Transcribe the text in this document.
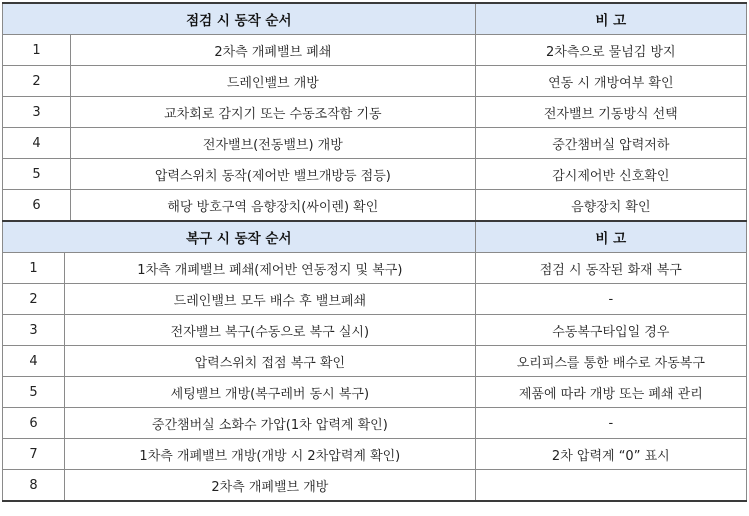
점검 시 동작 순서		비 고
1	2차측 개폐밸브 폐쇄	2차측으로 물넘김 방지
2	드레인밸브 개방	연동 시 개방여부 확인
3	교차회로 감지기 또는 수동조작함 기동	전자밸브 기동방식 선택
4	전자밸브(전동밸브) 개방	중간챔버실 압력저하
5	압력스위치 동작(제어반 밸브개방등 점등)	감시제어반 신호확인
6	해당 방호구역 음향장치(싸이렌) 확인	음향장치 확인
복구 시 동작 순서		비 고
1	1차측 개폐밸브 폐쇄(제어반 연동정지 및 복구)	점검 시 동작된 화재 복구
2	드레인밸브 모두 배수 후 밸브폐쇄	-
3	전자밸브 복구(수동으로 복구 실시)	수동복구타입일 경우
4	압력스위치 접점 복구 확인	오리피스를 통한 배수로 자동복구
5	세팅밸브 개방(복구레버 동시 복구)	제품에 따라 개방 또는 폐쇄 관리
6	중간챔버실 소화수 가압(1차 압력계 확인)	-
7	1차측 개폐밸브 개방(개방 시 2차압력계 확인)	2차 압력계 “0” 표시
8	2차측 개폐밸브 개방	
